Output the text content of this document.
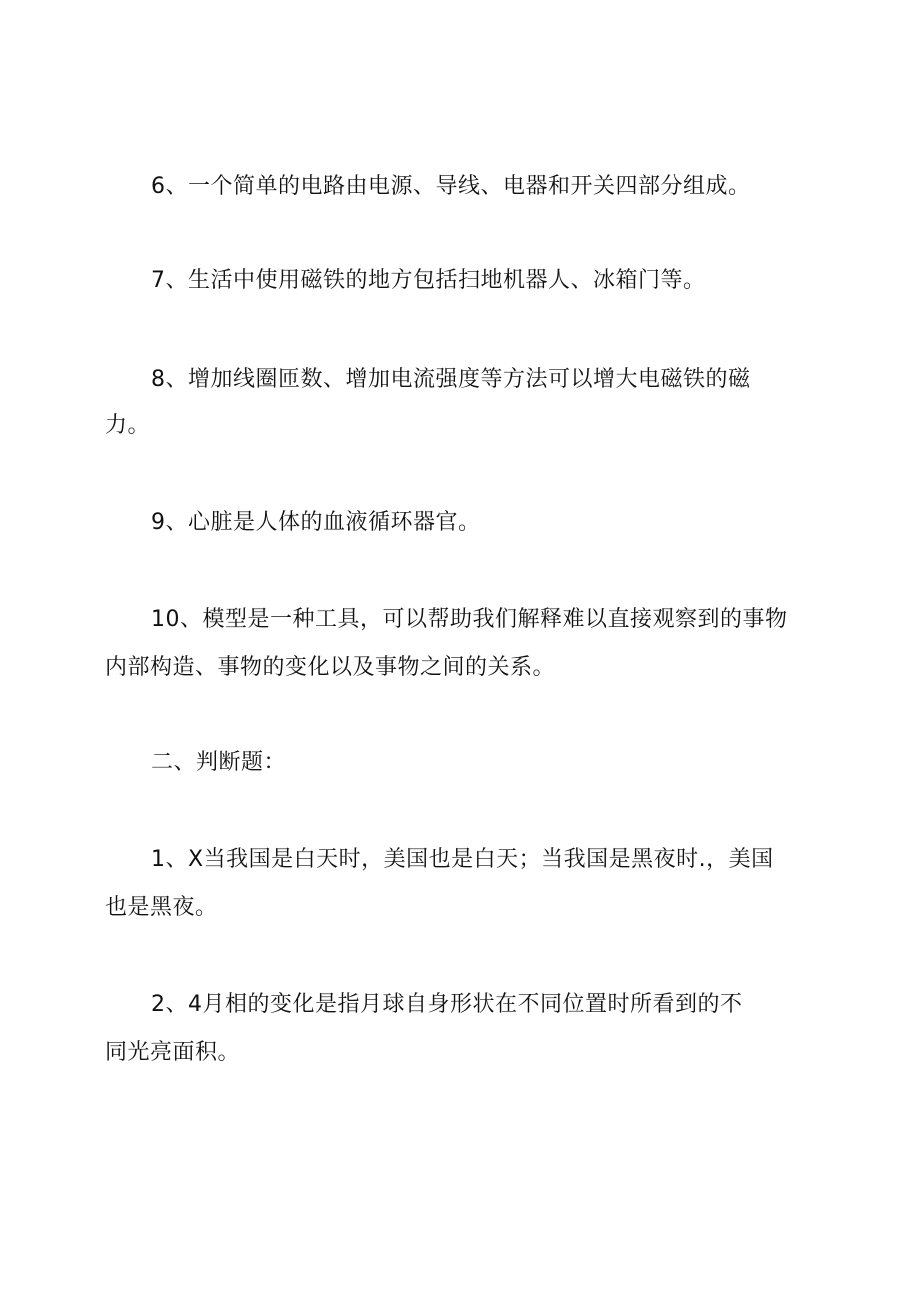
6、一个简单的电路由电源、导线、电器和开关四部分组成。
7、生活中使用磁铁的地方包括扫地机器人、冰箱门等。
8、增加线圈匝数、增加电流强度等方法可以增大电磁铁的磁
力。
9、心脏是人体的血液循环器官。
10、模型是一种工具，可以帮助我们解释难以直接观察到的事物
内部构造、事物的变化以及事物之间的关系。
二、判断题：
1、X当我国是白天时，美国也是白天；当我国是黑夜时.，美国
也是黑夜。
2、4月相的变化是指月球自身形状在不同位置时所看到的不
同光亮面积。
